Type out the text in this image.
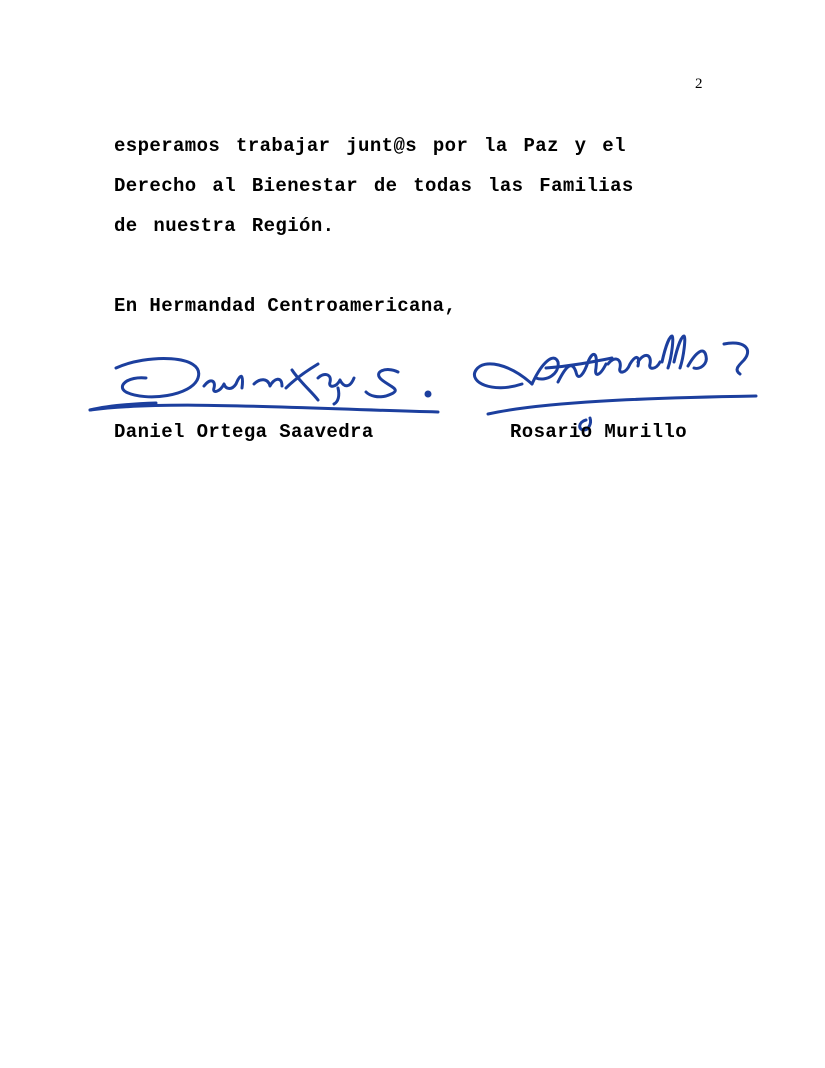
2
esperamos trabajar junt@s por la Paz y el
Derecho al Bienestar de todas las Familias
de nuestra Región.
En Hermandad Centroamericana,
Daniel Ortega Saavedra	Rosario Murillo
